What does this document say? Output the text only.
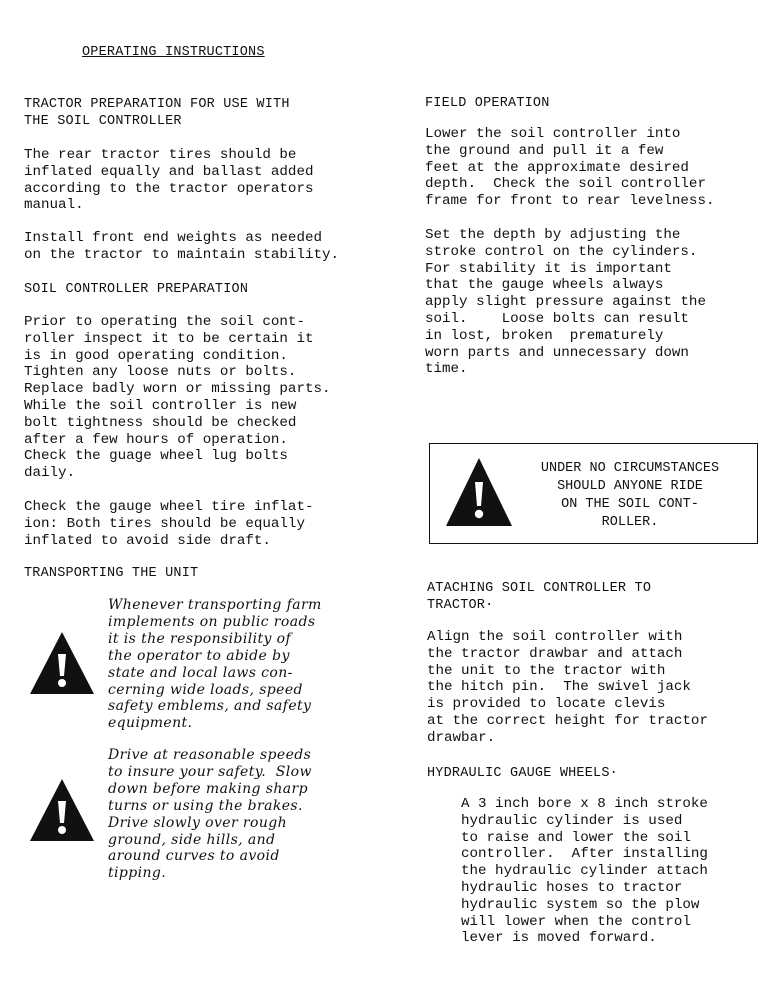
OPERATING INSTRUCTIONS
TRACTOR PREPARATION FOR USE WITH
THE SOIL CONTROLLER
The rear tractor tires should be
inflated equally and ballast added
according to the tractor operators
manual.
Install front end weights as needed
on the tractor to maintain stability.
SOIL CONTROLLER PREPARATION
Prior to operating the soil cont-
roller inspect it to be certain it
is in good operating condition.
Tighten any loose nuts or bolts.
Replace badly worn or missing parts.
While the soil controller is new
bolt tightness should be checked
after a few hours of operation.
Check the guage wheel lug bolts
daily.
Check the gauge wheel tire inflat-
ion: Both tires should be equally
inflated to avoid side draft.
TRANSPORTING THE UNIT
Whenever transporting farm
implements on public roads
it is the responsibility of
the operator to abide by
state and local laws con-
cerning wide loads, speed
safety emblems, and safety
equipment.
Drive at reasonable speeds
to insure your safety.  Slow
down before making sharp
turns or using the brakes.
Drive slowly over rough
ground, side hills, and
around curves to avoid
tipping.
FIELD OPERATION
Lower the soil controller into
the ground and pull it a few
feet at the approximate desired
depth.  Check the soil controller
frame for front to rear levelness.
Set the depth by adjusting the
stroke control on the cylinders.
For stability it is important
that the gauge wheels always
apply slight pressure against the
soil.    Loose bolts can result
in lost, broken  prematurely
worn parts and unnecessary down
time.
UNDER NO CIRCUMSTANCES
SHOULD ANYONE RIDE
ON THE SOIL CONT-
ROLLER.
ATACHING SOIL CONTROLLER TO
TRACTOR·
Align the soil controller with
the tractor drawbar and attach
the unit to the tractor with
the hitch pin.  The swivel jack
is provided to locate clevis
at the correct height for tractor
drawbar.
HYDRAULIC GAUGE WHEELS·
A 3 inch bore x 8 inch stroke
hydraulic cylinder is used
to raise and lower the soil
controller.  After installing
the hydraulic cylinder attach
hydraulic hoses to tractor
hydraulic system so the plow
will lower when the control
lever is moved forward.
